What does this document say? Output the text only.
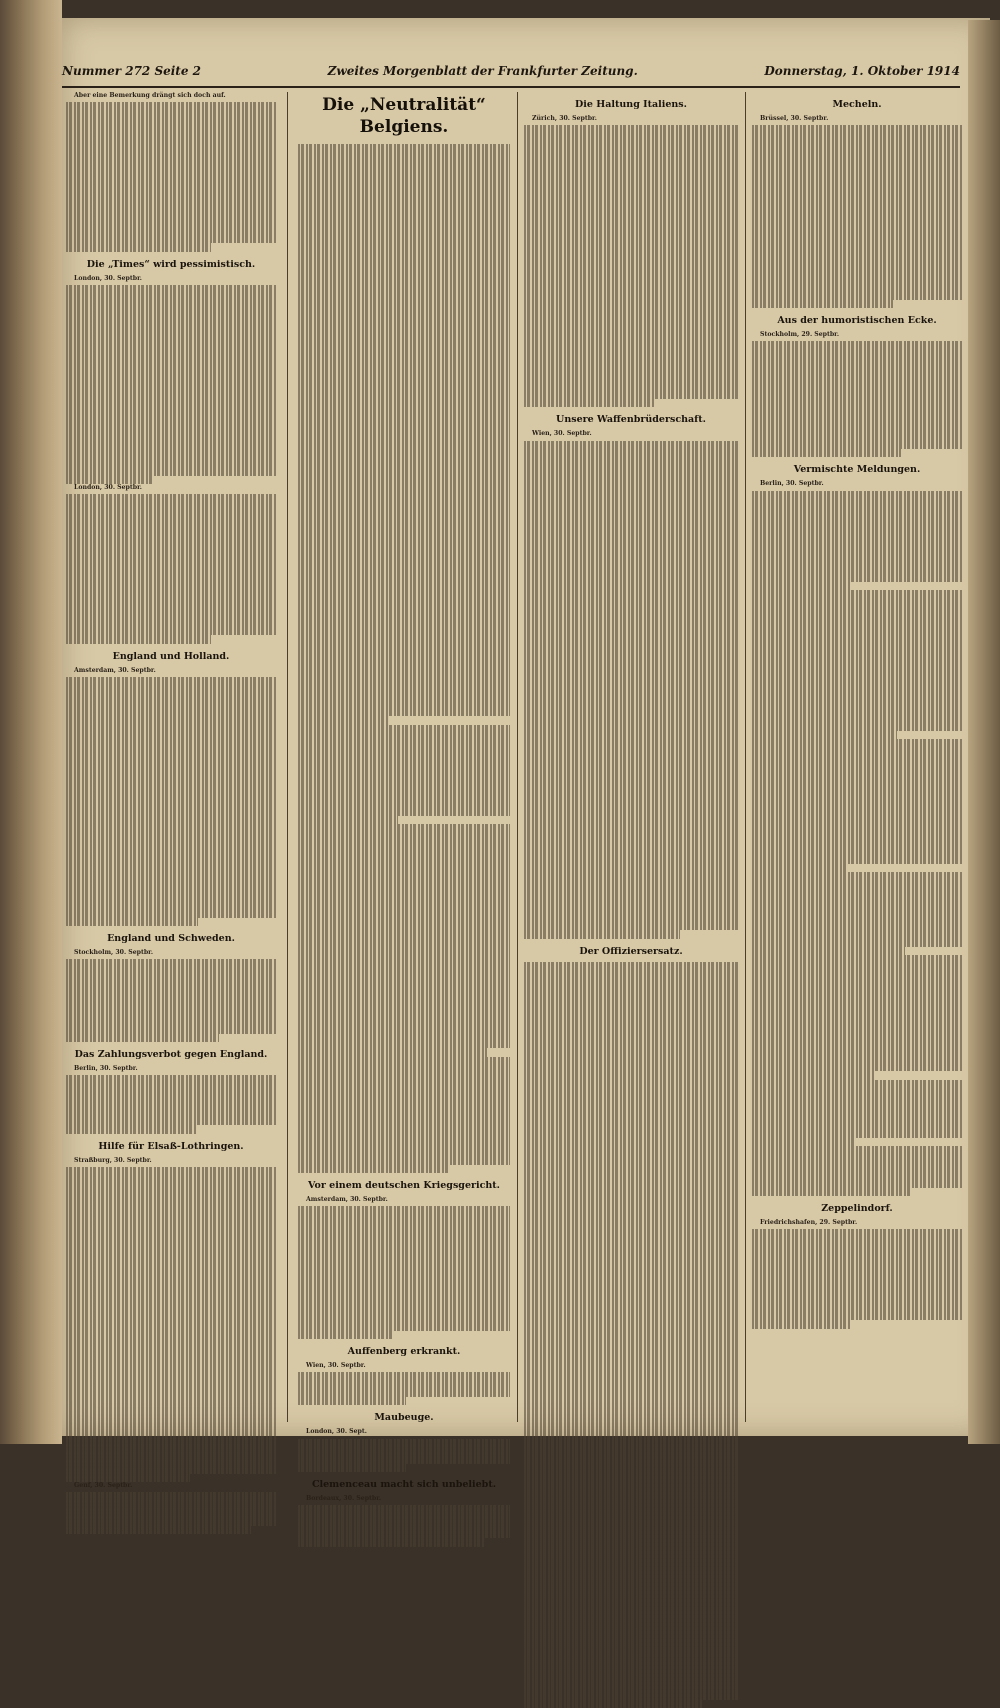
Nummer 272 Seite 2	Zweites Morgenblatt der Frankfurter Zeitung.	Donnerstag, 1. Oktober 1914
Aber eine Bemerkung drängt sich doch auf.
Die „Times“ wird pessimistisch.
London, 30. Septbr.
London, 30. Septbr.
England und Holland.
Amsterdam, 30. Septbr.
England und Schweden.
Stockholm, 30. Septbr.
Das Zahlungsverbot gegen England.
Berlin, 30. Septbr.
Hilfe für Elsaß-Lothringen.
Straßburg, 30. Septbr.
Genf, 30. Septbr.
Die „Neutralität“ Belgiens.
Vor einem deutschen Kriegsgericht.
Amsterdam, 30. Septbr.
Auffenberg erkrankt.
Wien, 30. Septbr.
Maubeuge.
London, 30. Sept.
Clemenceau macht sich unbeliebt.
Bordeaux, 30. Septbr.
Die Haltung Italiens.
Zürich, 30. Septbr.
Unsere Waffenbrüderschaft.
Wien, 30. Septbr.
Der Offiziersersatz.
Mecheln.
Brüssel, 30. Septbr.
Aus der humoristischen Ecke.
Stockholm, 29. Septbr.
Vermischte Meldungen.
Berlin, 30. Septbr.
Zeppelindorf.
Friedrichshafen, 29. Septbr.
